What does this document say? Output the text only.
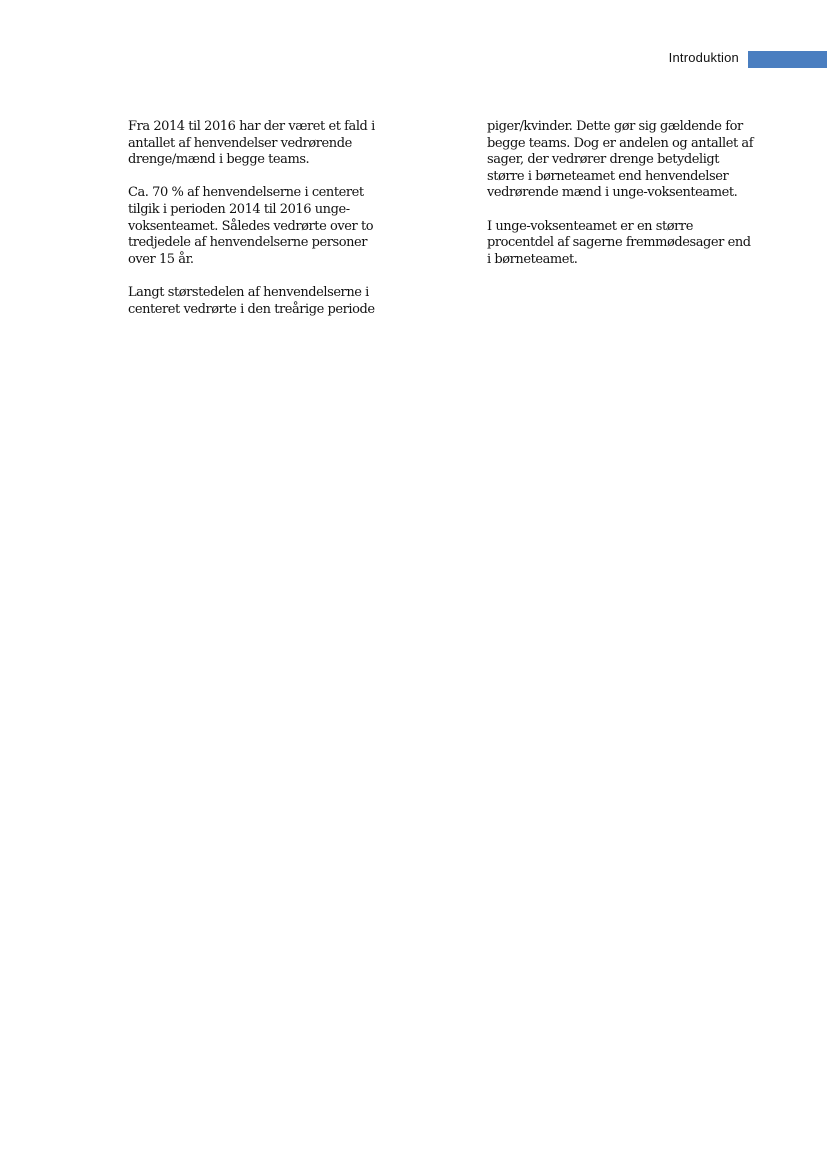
Introduktion

Fra 2014 til 2016 har der været et fald i antallet af henvendelser vedrørende drenge/mænd i begge teams.

Ca. 70 % af henvendelserne i centeret tilgik i perioden 2014 til 2016 unge-voksenteamet. Således vedrørte over to tredjedele af henvendelserne personer over 15 år.

Langt størstedelen af henvendelserne i centeret vedrørte i den treårige periode

piger/kvinder. Dette gør sig gældende for begge teams. Dog er andelen og antallet af sager, der vedrører drenge betydeligt større i børneteamet end henvendelser vedrørende mænd i unge-voksenteamet.

I unge-voksenteamet er en større procentdel af sagerne fremmødesager end i børneteamet.
